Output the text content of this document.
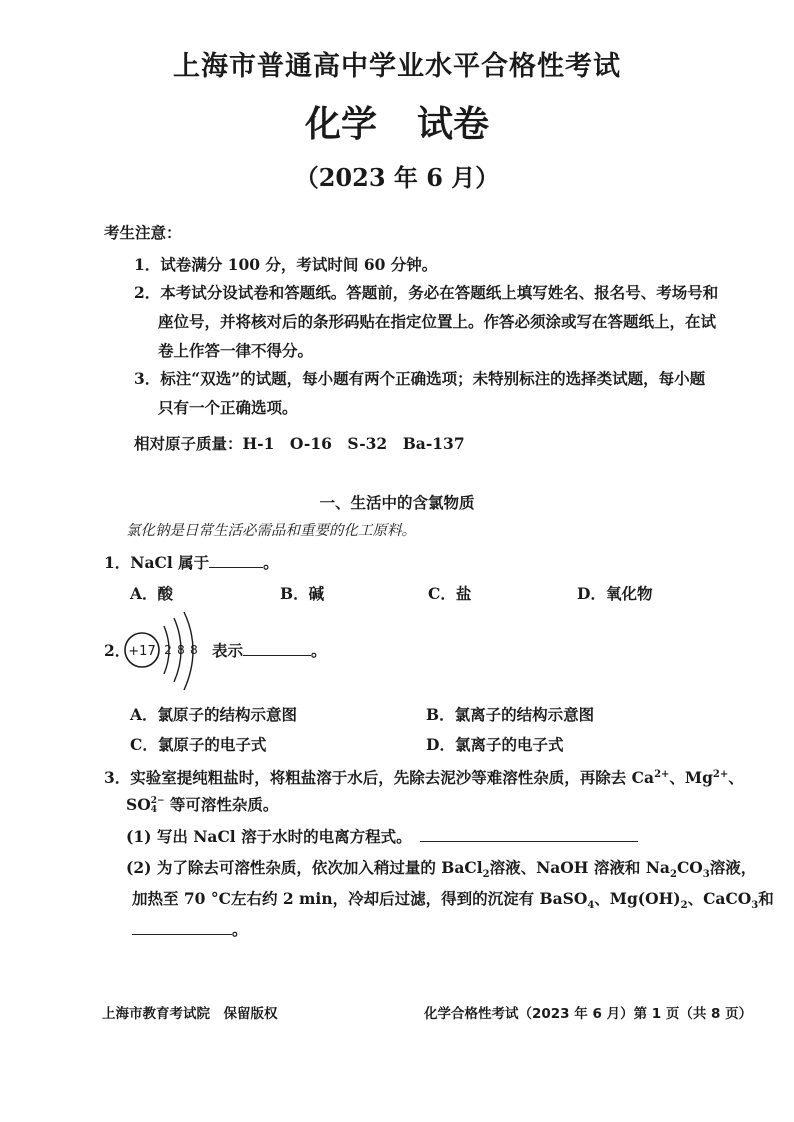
上海市普通高中学业水平合格性考试
化学 试卷
（2023 年 6 月）
考生注意：
1．试卷满分 100 分，考试时间 60 分钟。
2．本考试分设试卷和答题纸。答题前，务必在答题纸上填写姓名、报名号、考场号和
座位号，并将核对后的条形码贴在指定位置上。作答必须涂或写在答题纸上，在试
卷上作答一律不得分。
3．标注“双选”的试题，每小题有两个正确选项；未特别标注的选择类试题，每小题
只有一个正确选项。
相对原子质量：H-1　O-16　S-32　Ba-137
一、生活中的含氯物质
氯化钠是日常生活必需品和重要的化工原料。
1．NaCl 属于	。
A．酸	B．碱	C．盐	D．氧化物
2．
+17 2 8 8 表示	。
A．氯原子的结构示意图	B．氯离子的结构示意图
C．氯原子的电子式	D．氯离子的电子式
3．实验室提纯粗盐时，将粗盐溶于水后，先除去泥沙等难溶性杂质，再除去 $Ca^{2+}$、$Mg^{2+}$、
SO 2−
4 等可溶性杂质。
(1) 写出 NaCl 溶于水时的电离方程式。
(2) 为了除去可溶性杂质，依次加入稍过量的 BaCl$_2$溶液、NaOH 溶液和 $Na_2CO_3$溶液，
加热至 70 °C左右约 2 min，冷却后过滤，得到的沉淀有 BaSO$_4$、$Mg(OH)_2$、CaCO$_3$和
。
上海市教育考试院　保留版权	化学合格性考试（2023 年 6 月）第 1 页（共 8 页）
